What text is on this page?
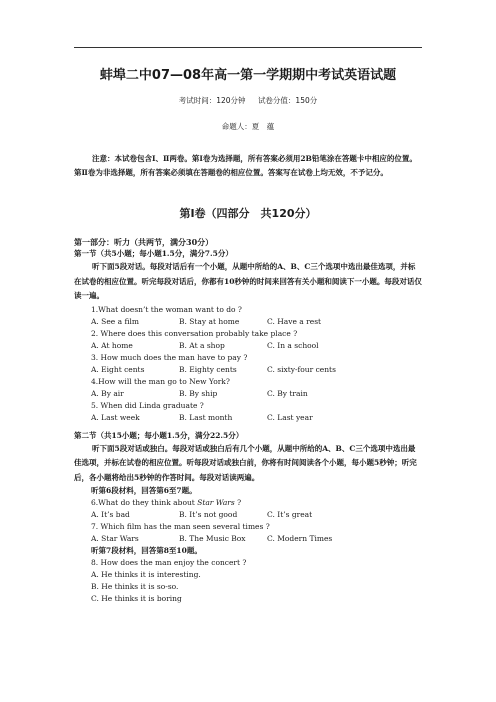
蚌埠二中07—08年高一第一学期期中考试英语试题
考试时间：120分钟 试卷分值：150分
命题人：夏　蕴
注意：本试卷包含Ⅰ、Ⅱ两卷。第Ⅰ卷为选择题，所有答案必须用2B铅笔涂在答题卡中相应的位置。第Ⅱ卷为非选择题，所有答案必须填在答题卷的相应位置。答案写在试卷上均无效，不予记分。
第Ⅰ卷（四部分　共120分）
第一部分：听力（共两节，满分30分）
第一节（共5小题；每小题1.5分，满分7.5分）
听下面5段对话。每段对话后有一个小题，从题中所给的A、B、C三个选项中选出最佳选项，并标在试卷的相应位置。听完每段对话后，你都有10秒钟的时间来回答有关小题和阅读下一小题。每段对话仅读一遍。
1.What doesn’t the woman want to do ?
A. See a film	B. Stay at home	C. Have a rest
2. Where does this conversation probably take place ?
A. At home	B. At a shop	C. In a school
3. How much does the man have to pay ?
A. Eight cents	B. Eighty cents	C. sixty-four cents
4.How will the man go to New York?
A. By air	B. By ship	C. By train
5. When did Linda graduate ?
A. Last week	B. Last month	C. Last year
第二节（共15小题；每小题1.5分，满分22.5分）
听下面5段对话或独白。每段对话或独白后有几个小题，从题中所给的A、B、C三个选项中选出最佳选项，并标在试卷的相应位置。听每段对话或独白前，你将有时间阅读各个小题，每小题5秒钟；听完后，各小题将给出5秒钟的作答时间。每段对话读两遍。
听第6段材料，回答第6至7题。
6.What do they think about Star Wars ?
A. It’s bad	B. It’s not good	C. It’s great
7. Which film has the man seen several times ?
A. Star Wars	B. The Music Box	C. Modern Times
听第7段材料，回答第8至10题。
8. How does the man enjoy the concert ?
A. He thinks it is interesting.
B. He thinks it is so-so.
C. He thinks it is boring
